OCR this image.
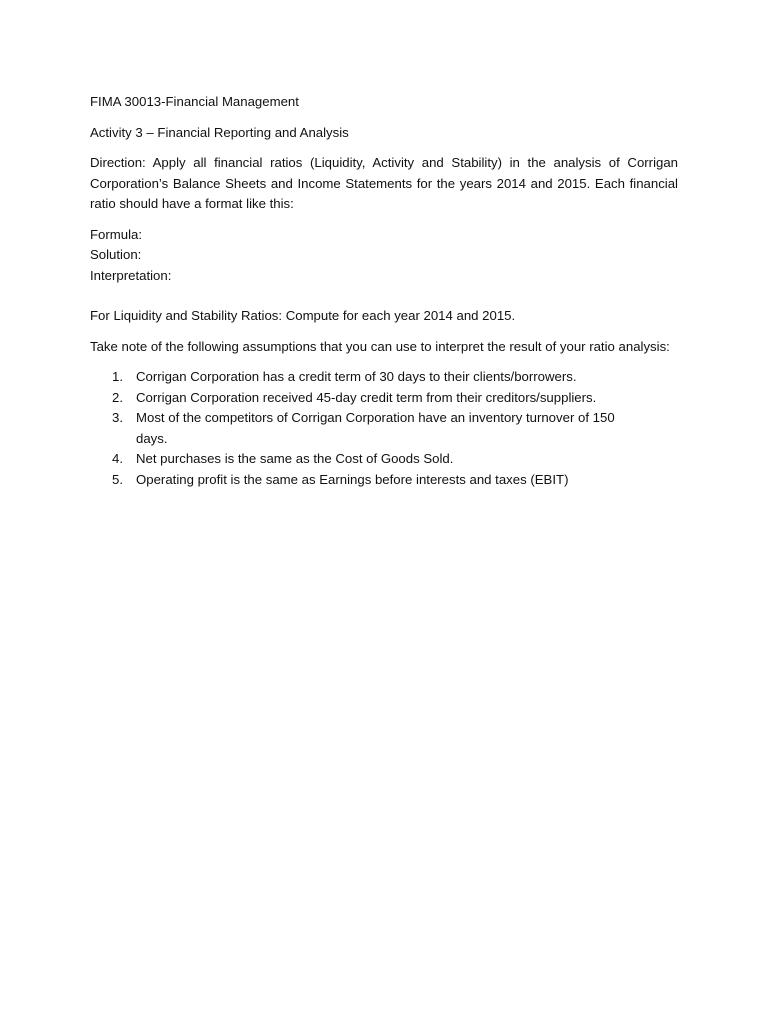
FIMA 30013-Financial Management

Activity 3 – Financial Reporting and Analysis

Direction: Apply all financial ratios (Liquidity, Activity and Stability) in the analysis of Corrigan Corporation’s Balance Sheets and Income Statements for the years 2014 and 2015. Each financial ratio should have a format like this:

Formula:
Solution:
Interpretation:

For Liquidity and Stability Ratios: Compute for each year 2014 and 2015.

Take note of the following assumptions that you can use to interpret the result of your ratio analysis:

1. Corrigan Corporation has a credit term of 30 days to their clients/borrowers.
2. Corrigan Corporation received 45-day credit term from their creditors/suppliers.
3. Most of the competitors of Corrigan Corporation have an inventory turnover of 150 days.
4. Net purchases is the same as the Cost of Goods Sold.
5. Operating profit is the same as Earnings before interests and taxes (EBIT)
